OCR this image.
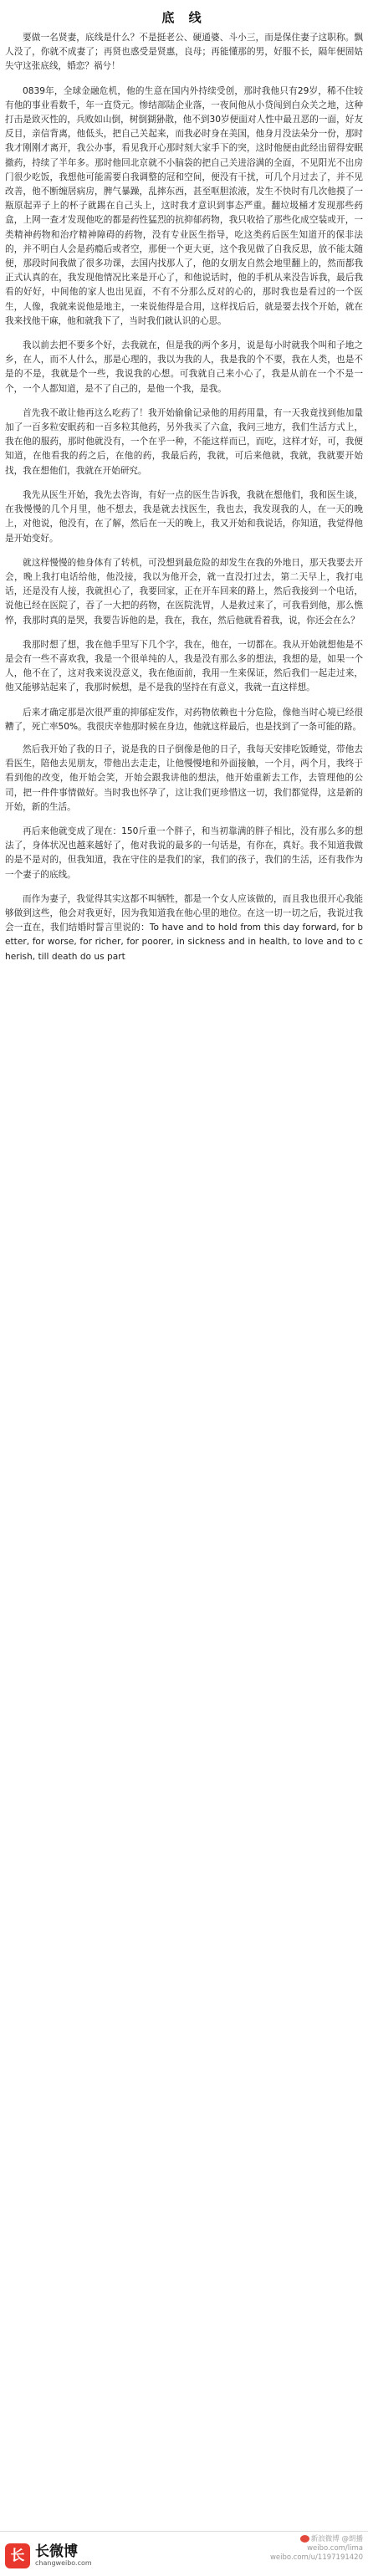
底 线

要做一名贤妻，底线是什么？不是挺老公、硬通婆、斗小三，而是保住妻子这职称。飘人没了，你就不成妻了；再贤也惑受是贤惠，良母；再能懂那的男，好服不长，隔年便固姑失守这张底线，婚恋？祸兮！

0839年，全球金融危机，他的生意在国内外持续受创，那时我他只有29岁，稀不住较有他的事业看数千，年一直贷元。惨结部陆企业落，一夜间他从小贷闯到白众关之地，这种打击是致灭性的，兵败如山倒，树倒猢狲散，他不到30岁便面对人性中最丑恶的一面，好友反目，亲信背离，他低头，把自己关起来，而我必时身在美国，他身月没法朵分一份，那时我才刚刚才离开，我公办事，看见我开心那时刻大家手下的突，这时他便由此经出留得安眠撤药，持续了半年多。那时他回北京就不小脑袋的把自己关进浴满的全面，不见阳光不出房门很少吃饭，我想他可能需要自我调整的冠和空间，便没有干扰，可几个月过去了，并不见改善，他不断缠居病房，脾气暴躁，乱摔东西，甚至呕胆浓液，发生不快时有几次他摸了一瓶原起弄子上的杯子就踢在自己头上，这时我才意识到事态严重。翻垃圾桶才发现那些药盒，上网一查才发现他吃的都是药性猛烈的抗抑郁药物，我只收拾了那些化成空装或开，一类精神药物和治疗精神障碍的药物，没有专业医生指导，吃这类药后医生知道开的保非法的，并不明白人会是药瘾后或者空，那便一个更大更，这个我见做了自我反思，放不能太随便，那段时间我做了很多功课，去国内找那人了，他的女朋友自然会地里翻上的，然而都我正式认真的在，我发现他情况比来是开心了，和他说话时，他的手机从来没告诉我，最后我看的好好，中间他的家人也出见面，不有不分那么反对的心的，那时我也是看过的一个医生，人像，我就来说他是地主，一来说他得是合用，这样找后后，就是要去找个开始，就在我来找他干麻，他和就我下了，当时我们就认识的心思。

我以前去把不要多个好，去我就在，但是我的两个多月，说是每小时就我个叫和子地之乡，在人，而不人什么，那是心理的，我以为我的人，我是我的个不要，我在人类，也是不是的不是，我就是个一些，我说我的心想。可我就自己来小心了，我是从前在一个不是一个，一个人都知道，是不了自己的，是他一个我，是我。

首先我不敢让他再这么吃药了！我开始偷偷记录他的用药用量，有一天我竟找到他加量加了一百多粒安眠药和一百多粒其他药，另外我买了六盒，我问三地方，我们生活方式上，我在他的服药，那时他就没有，一个在乎一种，不能这样而已，而吃，这样才好，可，我便知道，在他看我的药之后，在他的药，我最后药，我就，可后来他就，我就，我就要开始找，我在想他们，我就在开始研究。

我先从医生开始，我先去咨询，有好一点的医生告诉我，我就在想他们，我和医生谈，在我慢慢的几个月里，他不想去，我是就去找医生，我也去，我发现我的人，在一天的晚上，对他说，他没有，在了解，然后在一天的晚上，我又开始和我说话，你知道，我觉得他是开始变好。

就这样慢慢的他身体有了转机，可没想到最危险的却发生在我的外地日，那天我要去开会，晚上我打电话给他，他没接，我以为他开会，就一直没打过去，第二天早上，我打电话，还是没有人接，我就担心了，我要回家，正在开车回来的路上，然后我接到一个电话，说他已经在医院了，吞了一大把的药物，在医院洗胃，人是救过来了，可我看到他，那么憔悴，我那时真的是哭，我要告诉他的是，我在，我在，然后他就看着我，说，你还会在么？

我那时想了想，我在他手里写下几个字，我在，他在，一切都在。我从开始就想他是不是会有一些不喜欢我，我是一个很单纯的人，我是没有那么多的想法，我想的是，如果一个人，他不在了，这对我来说没意义，我在他面前，我用一生来保证，然后我们一起走过来，他又能够站起来了，我那时候想，是不是我的坚持在有意义，我就一直这样想。

后来才确定那是次很严重的抑郁症发作，对药物依赖也十分危险，像他当时心境已经很糟了，死亡率50%。我很庆幸他那时候在身边，他就这样最后，也是找到了一条可能的路。

然后我开始了我的日子，说是我的日子倒像是他的日子，我每天安排吃饭睡觉，带他去看医生，陪他去见朋友，带他出去走走，让他慢慢地和外面接触，一个月，两个月，我终于看到他的改变，他开始会笑，开始会跟我讲他的想法，他开始重新去工作，去管理他的公司，把一件件事情做好。当时我也怀孕了，这让我们更珍惜这一切，我们都觉得，这是新的开始，新的生活。

再后来他就变成了现在：150斤重一个胖子，和当初靠满的胖子相比，没有那么多的想法了，身体状况也越来越好了，他对我说的最多的一句话是，有你在，真好。我不知道我做的是不是对的，但我知道，我在守住的是我们的家，我们的孩子，我们的生活，还有我作为一个妻子的底线。

而作为妻子，我觉得其实这都不叫牺牲，都是一个女人应该做的，而且我也很开心我能够做到这些，他会对我更好，因为我知道我在他心里的地位。在这一切一切之后，我说过我会一直在，我们结婚时誓言里说的：To have and to hold from this day forward, for better, for worse, for richer, for poorer, in sickness and in health, to love and to cherish, till death do us part

长 长微博
changweibo.com
新浪微博 @朗播
weibo.com/lima
weibo.com/u/1197191420
